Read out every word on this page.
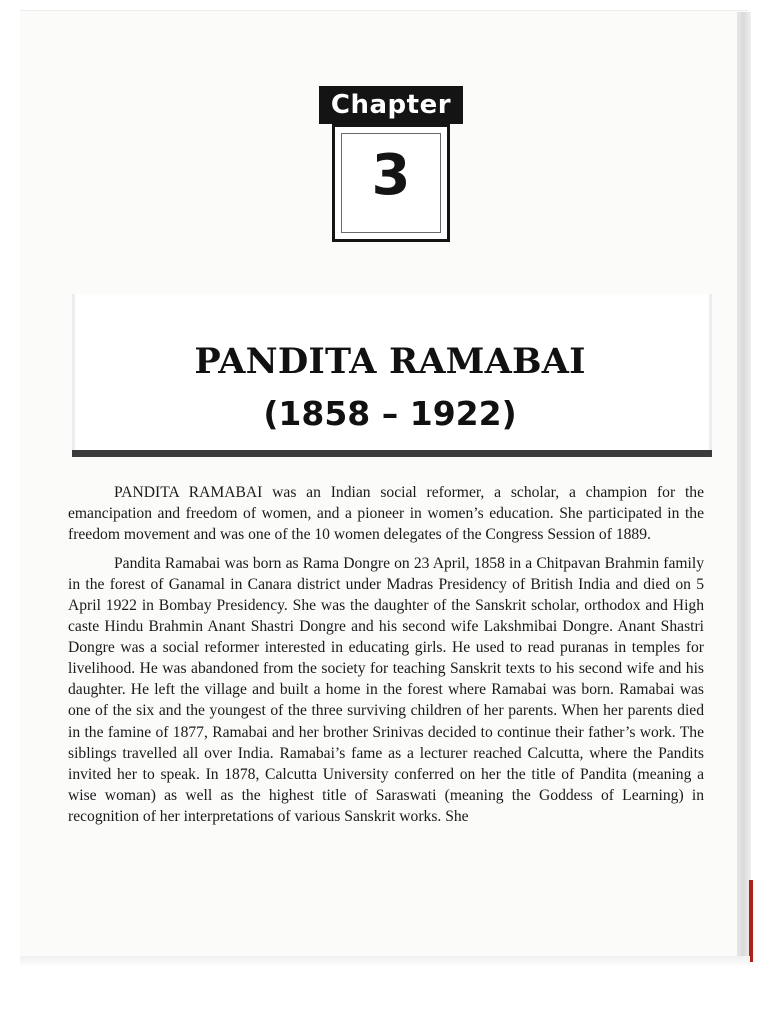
Chapter
3
PANDITA RAMABAI
(1858 – 1922)

PANDITA RAMABAI was an Indian social reformer, a scholar, a champion for the emancipation and freedom of women, and a pioneer in women’s education. She participated in the freedom movement and was one of the 10 women delegates of the Congress Session of 1889.

Pandita Ramabai was born as Rama Dongre on 23 April, 1858 in a Chitpavan Brahmin family in the forest of Ganamal in Canara district under Madras Presidency of British India and died on 5 April 1922 in Bombay Presidency. She was the daughter of the Sanskrit scholar, orthodox and High caste Hindu Brahmin Anant Shastri Dongre and his second wife Lakshmibai Dongre. Anant Shastri Dongre was a social reformer interested in educating girls. He used to read puranas in temples for livelihood. He was abandoned from the society for teaching Sanskrit texts to his second wife and his daughter. He left the village and built a home in the forest where Ramabai was born. Ramabai was one of the six and the youngest of the three surviving children of her parents. When her parents died in the famine of 1877, Ramabai and her brother Srinivas decided to continue their father’s work. The siblings travelled all over India. Ramabai’s fame as a lecturer reached Calcutta, where the Pandits invited her to speak. In 1878, Calcutta University conferred on her the title of Pandita (meaning a wise woman) as well as the highest title of Saraswati (meaning the Goddess of Learning) in recognition of her interpretations of various Sanskrit works. She
